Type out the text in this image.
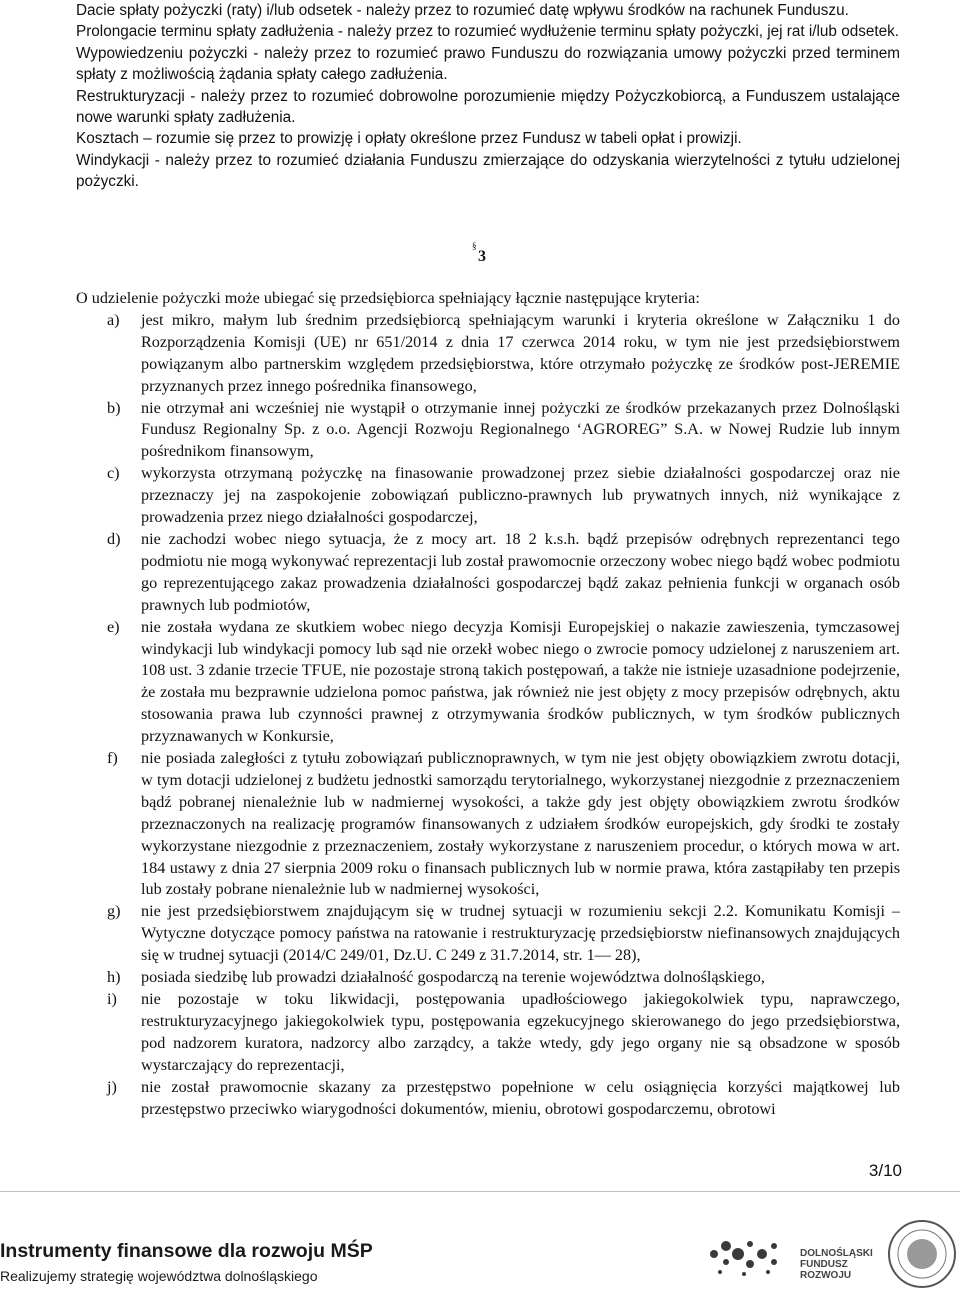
Dacie spłaty pożyczki (raty) i/lub odsetek - należy przez to rozumieć datę wpływu środków na rachunek Funduszu.

Prolongacie terminu spłaty zadłużenia - należy przez to rozumieć wydłużenie terminu spłaty pożyczki, jej rat i/lub odsetek.

Wypowiedzeniu pożyczki - należy przez to rozumieć prawo Funduszu do rozwiązania umowy pożyczki przed terminem spłaty z możliwością żądania spłaty całego zadłużenia.

Restrukturyzacji - należy przez to rozumieć dobrowolne porozumienie między Pożyczkobiorcą, a Funduszem ustalające nowe warunki spłaty zadłużenia.

Kosztach – rozumie się przez to prowizję i opłaty określone przez Fundusz w tabeli opłat i prowizji.

Windykacji - należy przez to rozumieć działania Funduszu zmierzające do odzyskania wierzytelności z tytułu udzielonej pożyczki.

§
3

O udzielenie pożyczki może ubiegać się przedsiębiorca spełniający łącznie następujące kryteria:

a) jest mikro, małym lub średnim przedsiębiorcą spełniającym warunki i kryteria określone w Załączniku 1 do Rozporządzenia Komisji (UE) nr 651/2014 z dnia 17 czerwca 2014 roku, w tym nie jest przedsiębiorstwem powiązanym albo partnerskim względem przedsiębiorstwa, które otrzymało pożyczkę ze środków post-JEREMIE przyznanych przez innego pośrednika finansowego,
b) nie otrzymał ani wcześniej nie wystąpił o otrzymanie innej pożyczki ze środków przekazanych przez Dolnośląski Fundusz Regionalny Sp. z o.o. Agencji Rozwoju Regionalnego ‘AGROREG” S.A. w Nowej Rudzie lub innym pośrednikom finansowym,
c) wykorzysta otrzymaną pożyczkę na finasowanie prowadzonej przez siebie działalności gospodarczej oraz nie przeznaczy jej na zaspokojenie zobowiązań publiczno-prawnych lub prywatnych innych, niż wynikające z prowadzenia przez niego działalności gospodarczej,
d) nie zachodzi wobec niego sytuacja, że z mocy art. 18 2 k.s.h. bądź przepisów odrębnych reprezentanci tego podmiotu nie mogą wykonywać reprezentacji lub został prawomocnie orzeczony wobec niego bądź wobec podmiotu go reprezentującego zakaz prowadzenia działalności gospodarczej bądź zakaz pełnienia funkcji w organach osób prawnych lub podmiotów,
e) nie została wydana ze skutkiem wobec niego decyzja Komisji Europejskiej o nakazie zawieszenia, tymczasowej windykacji lub windykacji pomocy lub sąd nie orzekł wobec niego o zwrocie pomocy udzielonej z naruszeniem art. 108 ust. 3 zdanie trzecie TFUE, nie pozostaje stroną takich postępowań, a także nie istnieje uzasadnione podejrzenie, że została mu bezprawnie udzielona pomoc państwa, jak również nie jest objęty z mocy przepisów odrębnych, aktu stosowania prawa lub czynności prawnej z otrzymywania środków publicznych, w tym środków publicznych przyznawanych w Konkursie,
f) nie posiada zaległości z tytułu zobowiązań publicznoprawnych, w tym nie jest objęty obowiązkiem zwrotu dotacji, w tym dotacji udzielonej z budżetu jednostki samorządu terytorialnego, wykorzystanej niezgodnie z przeznaczeniem bądź pobranej nienależnie lub w nadmiernej wysokości, a także gdy jest objęty obowiązkiem zwrotu środków przeznaczonych na realizację programów finansowanych z udziałem środków europejskich, gdy środki te zostały wykorzystane niezgodnie z przeznaczeniem, zostały wykorzystane z naruszeniem procedur, o których mowa w art. 184 ustawy z dnia 27 sierpnia 2009 roku o finansach publicznych lub w normie prawa, która zastąpiłaby ten przepis lub zostały pobrane nienależnie lub w nadmiernej wysokości,
g) nie jest przedsiębiorstwem znajdującym się w trudnej sytuacji w rozumieniu sekcji 2.2. Komunikatu Komisji – Wytyczne dotyczące pomocy państwa na ratowanie i restrukturyzację przedsiębiorstw niefinansowych znajdujących się w trudnej sytuacji (2014/C 249/01, Dz.U. C 249 z 31.7.2014, str. 1— 28),
h) posiada siedzibę lub prowadzi działalność gospodarczą na terenie województwa dolnośląskiego,
i) nie pozostaje w toku likwidacji, postępowania upadłościowego jakiegokolwiek typu, naprawczego, restrukturyzacyjnego jakiegokolwiek typu, postępowania egzekucyjnego skierowanego do jego przedsiębiorstwa, pod nadzorem kuratora, nadzorcy albo zarządcy, a także wtedy, gdy jego organy nie są obsadzone w sposób wystarczający do reprezentacji,
j) nie został prawomocnie skazany za przestępstwo popełnione w celu osiągnięcia korzyści majątkowej lub przestępstwo przeciwko wiarygodności dokumentów, mieniu, obrotowi gospodarczemu, obrotowi
3/10
Instrumenty finansowe dla rozwoju MŚP
Realizujemy strategię województwa dolnośląskiego
DOLNOŚLĄSKI
FUNDUSZ
ROZWOJU
